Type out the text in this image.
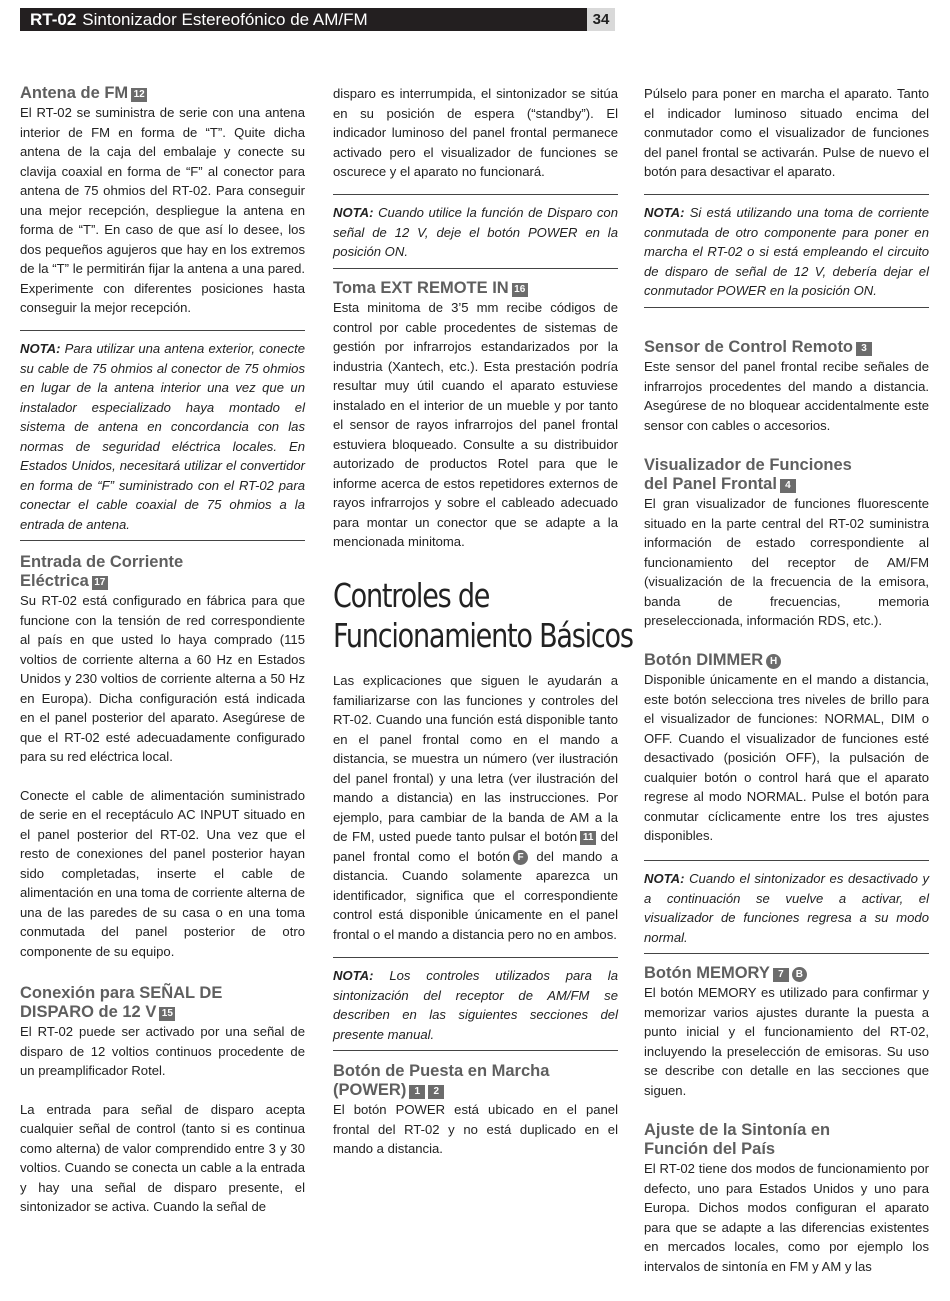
RT-02 Sintonizador Estereofónico de AM/FM	34
Antena de FM 12

El RT-02 se suministra de serie con una antena interior de FM en forma de “T”. Quite dicha antena de la caja del embalaje y conecte su clavija coaxial en forma de “F” al conector para antena de 75 ohmios del RT-02. Para conseguir una mejor recepción, despliegue la antena en forma de “T”. En caso de que así lo desee, los dos pequeños agujeros que hay en los extremos de la “T” le permitirán fijar la antena a una pared. Experimente con diferentes posiciones hasta conseguir la mejor recepción.

NOTA: Para utilizar una antena exterior, conecte su cable de 75 ohmios al conector de 75 ohmios en lugar de la antena interior una vez que un instalador especializado haya montado el sistema de antena en concordancia con las normas de seguridad eléctrica locales. En Estados Unidos, necesitará utilizar el convertidor en forma de “F” suministrado con el RT-02 para conectar el cable coaxial de 75 ohmios a la entrada de antena.
Entrada de Corriente
Eléctrica 17

Su RT-02 está configurado en fábrica para que funcione con la tensión de red correspondiente al país en que usted lo haya comprado (115 voltios de corriente alterna a 60 Hz en Estados Unidos y 230 voltios de corriente alterna a 50 Hz en Europa). Dicha configuración está indicada en el panel posterior del aparato. Asegúrese de que el RT-02 esté adecuadamente configurado para su red eléctrica local.

Conecte el cable de alimentación suministrado de serie en el receptáculo AC INPUT situado en el panel posterior del RT-02. Una vez que el resto de conexiones del panel posterior hayan sido completadas, inserte el cable de alimentación en una toma de corriente alterna de una de las paredes de su casa o en una toma conmutada del panel posterior de otro componente de su equipo.

Conexión para SEÑAL DE
DISPARO de 12 V 15

El RT-02 puede ser activado por una señal de disparo de 12 voltios continuos procedente de un preamplificador Rotel.

La entrada para señal de disparo acepta cualquier señal de control (tanto si es continua como alterna) de valor comprendido entre 3 y 30 voltios. Cuando se conecta un cable a la entrada y hay una señal de disparo presente, el sintonizador se activa. Cuando la señal de

disparo es interrumpida, el sintonizador se sitúa en su posición de espera (“standby”). El indicador luminoso del panel frontal permanece activado pero el visualizador de funciones se oscurece y el aparato no funcionará.

NOTA: Cuando utilice la función de Disparo con señal de 12 V, deje el botón POWER en la posición ON.
Toma EXT REMOTE IN 16

Esta minitoma de 3’5 mm recibe códigos de control por cable procedentes de sistemas de gestión por infrarrojos estandarizados por la industria (Xantech, etc.). Esta prestación podría resultar muy útil cuando el aparato estuviese instalado en el interior de un mueble y por tanto el sensor de rayos infrarrojos del panel frontal estuviera bloqueado. Consulte a su distribuidor autorizado de productos Rotel para que le informe acerca de estos repetidores externos de rayos infrarrojos y sobre el cableado adecuado para montar un conector que se adapte a la mencionada minitoma.

Controles de

Funcionamiento Básicos

Las explicaciones que siguen le ayudarán a familiarizarse con las funciones y controles del RT-02. Cuando una función está disponible tanto en el panel frontal como en el mando a distancia, se muestra un número (ver ilustración del panel frontal) y una letra (ver ilustración del mando a distancia) en las instrucciones. Por ejemplo, para cambiar de la banda de AM a la de FM, usted puede tanto pulsar el botón 11 del panel frontal como el botón F del mando a distancia. Cuando solamente aparezca un identificador, significa que el correspondiente control está disponible únicamente en el panel frontal o el mando a distancia pero no en ambos.

NOTA: Los controles utilizados para la sintonización del receptor de AM/FM se describen en las siguientes secciones del presente manual.
Botón de Puesta en Marcha
(POWER) 1 2

El botón POWER está ubicado en el panel frontal del RT-02 y no está duplicado en el mando a distancia.

Púlselo para poner en marcha el aparato. Tanto el indicador luminoso situado encima del conmutador como el visualizador de funciones del panel frontal se activarán. Pulse de nuevo el botón para desactivar el aparato.

NOTA: Si está utilizando una toma de corriente conmutada de otro componente para poner en marcha el RT-02 o si está empleando el circuito de disparo de señal de 12 V, debería dejar el conmutador POWER en la posición ON.
Sensor de Control Remoto 3

Este sensor del panel frontal recibe señales de infrarrojos procedentes del mando a distancia. Asegúrese de no bloquear accidentalmente este sensor con cables o accesorios.

Visualizador de Funciones
del Panel Frontal 4

El gran visualizador de funciones fluorescente situado en la parte central del RT-02 suministra información de estado correspondiente al funcionamiento del receptor de AM/FM (visualización de la frecuencia de la emisora, banda de frecuencias, memoria preseleccionada, información RDS, etc.).

Botón DIMMER H

Disponible únicamente en el mando a distancia, este botón selecciona tres niveles de brillo para el visualizador de funciones: NORMAL, DIM o OFF. Cuando el visualizador de funciones esté desactivado (posición OFF), la pulsación de cualquier botón o control hará que el aparato regrese al modo NORMAL. Pulse el botón para conmutar cíclicamente entre los tres ajustes disponibles.

NOTA: Cuando el sintonizador es desactivado y a continuación se vuelve a activar, el visualizador de funciones regresa a su modo normal.
Botón MEMORY 7 B

El botón MEMORY es utilizado para confirmar y memorizar varios ajustes durante la puesta a punto inicial y el funcionamiento del RT-02, incluyendo la preselección de emisoras. Su uso se describe con detalle en las secciones que siguen.

Ajuste de la Sintonía en
Función del País

El RT-02 tiene dos modos de funcionamiento por defecto, uno para Estados Unidos y uno para Europa. Dichos modos configuran el aparato para que se adapte a las diferencias existentes en mercados locales, como por ejemplo los intervalos de sintonía en FM y AM y las
